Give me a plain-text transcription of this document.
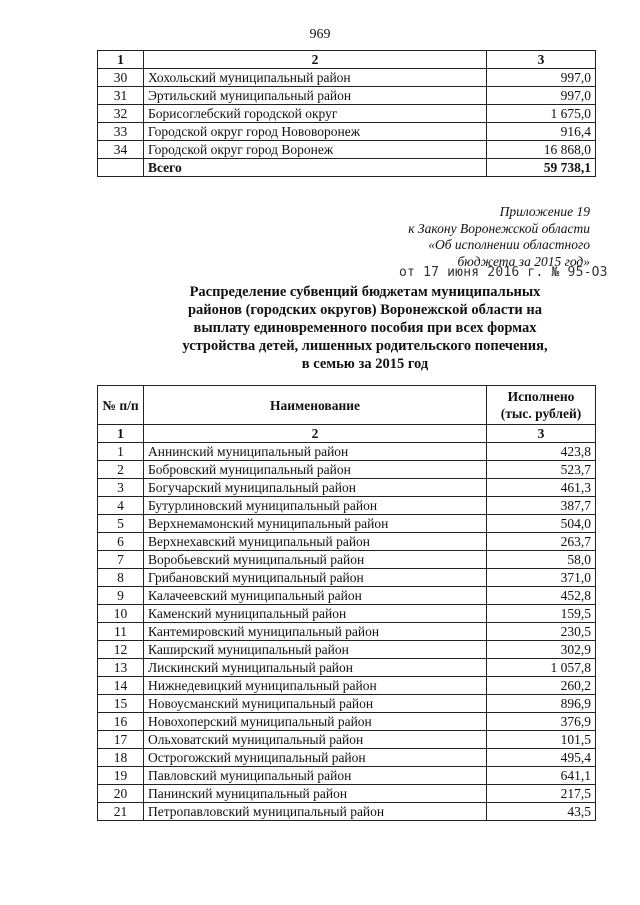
969
1	2	3
30	Хохольский муниципальный район	997,0
31	Эртильский муниципальный район	997,0
32	Борисоглебский городской округ	1 675,0
33	Городской округ город Нововоронеж	916,4
34	Городской округ город Воронеж	16 868,0
	Всего	59 738,1
Приложение 19
к Закону Воронежской области
«Об исполнении областного
бюджета за 2015 год»
от 17 июня 2016 г. № 95-ОЗ
Распределение субвенций бюджетам муниципальных
районов (городских округов) Воронежской области на
выплату единовременного пособия при всех формах
устройства детей, лишенных родительского попечения,
в семью за 2015 год
№ п/п	Наименование	Исполнено (тыс. рублей)
1	2	3
1	Аннинский муниципальный район	423,8
2	Бобровский муниципальный район	523,7
3	Богучарский муниципальный район	461,3
4	Бутурлиновский муниципальный район	387,7
5	Верхнемамонский муниципальный район	504,0
6	Верхнехавский муниципальный район	263,7
7	Воробьевский муниципальный район	58,0
8	Грибановский муниципальный район	371,0
9	Калачеевский муниципальный район	452,8
10	Каменский муниципальный район	159,5
11	Кантемировский муниципальный район	230,5
12	Каширский муниципальный район	302,9
13	Лискинский муниципальный район	1 057,8
14	Нижнедевицкий муниципальный район	260,2
15	Новоусманский муниципальный район	896,9
16	Новохоперский муниципальный район	376,9
17	Ольховатский муниципальный район	101,5
18	Острогожский муниципальный район	495,4
19	Павловский муниципальный район	641,1
20	Панинский муниципальный район	217,5
21	Петропавловский муниципальный район	43,5
